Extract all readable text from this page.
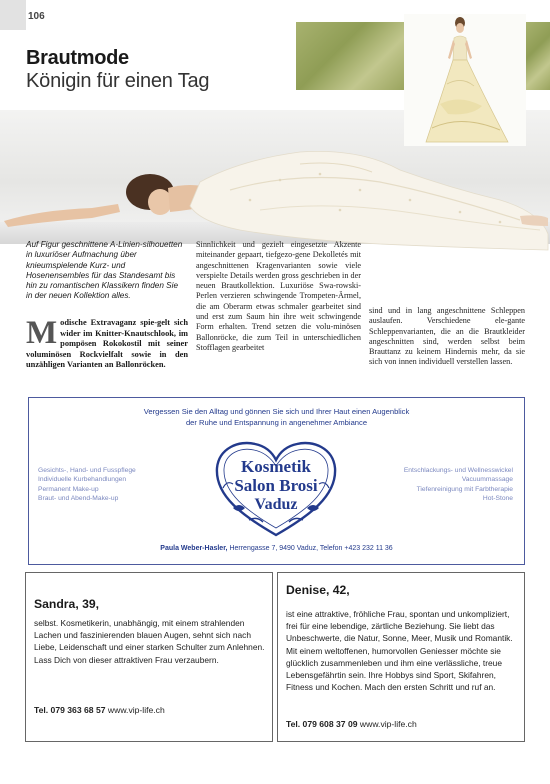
106
Brautmode
Königin für einen Tag
Auf Figur geschnittene A-Linien-silhouetten in luxuriöser Aufmachung über knieumspielende Kurz- und Hosenensembles für das Standesamt bis hin zu romantischen Klassikern finden Sie in der neuen Kollektion alles.
Modische Extravaganz spie-gelt sich wider im Knitter-Knautschlook, im pompösen Rokokostil mit seiner voluminösen Rockvielfalt sowie in den unzähligen Varianten an Ballonröcken.
Sinnlichkeit und gezielt eingesetzte Akzente miteinander gepaart, tiefgezo-gene Dekolletés mit angeschnittenen Kragenvarianten sowie viele verspielte Details werden gross geschrieben in der neuen Brautkollektion. Luxuriöse Swa-rowski-Perlen verzieren schwingende Trompeten-Ärmel, die am Oberarm etwas schmaler gearbeitet sind und erst zum Saum hin ihre weit schwingende Form erhalten. Trend setzen die volu-minösen Ballonröcke, die zum Teil in unterschiedlichen Stofflagen gearbeitet
sind und in lang angeschnittene Schleppen auslaufen. Verschiedene ele-gante Schleppenvarianten, die an die Brautkleider angeschnitten sind, werden selbst beim Brauttanz zu keinem Hindernis mehr, da sie sich von innen individuell verstellen lassen.
Vergessen Sie den Alltag und gönnen Sie sich und Ihrer Haut einen Augenblick
der Ruhe und Entspannung in angenehmer Ambiance
Gesichts-, Hand- und Fusspflege
Individuelle Kurbehandlungen
Permanent Make-up
Braut- und Abend-Make-up
Kosmetik
Salon Brosi
Vaduz
Entschlackungs- und Wellnesswickel
Vacuummassage
Tiefenreinigung mit Farbtherapie
Hot-Stone
Paula Weber-Hasler, Herrengasse 7, 9490 Vaduz, Telefon +423 232 11 36
Sandra, 39,
selbst. Kosmetikerin, unabhängig, mit einem strahlenden Lachen und faszinierenden blauen Augen, sehnt sich nach Liebe, Leidenschaft und einer starken Schulter zum Anlehnen. Lass Dich von dieser attraktiven Frau verzaubern.
Tel. 079 363 68 57 www.vip-life.ch
Denise, 42,
ist eine attraktive, fröhliche Frau, spontan und unkompliziert, frei für eine lebendige, zärtliche Beziehung. Sie liebt das Unbeschwerte, die Natur, Sonne, Meer, Musik und Romantik. Mit einem weltoffenen, humorvollen Geniesser möchte sie glücklich zusammenleben und ihm eine verlässliche, treue Lebensgefährtin sein. Ihre Hobbys sind Sport, Skifahren, Fitness und Kochen. Mach den ersten Schritt und ruf an.
Tel. 079 608 37 09 www.vip-life.ch
